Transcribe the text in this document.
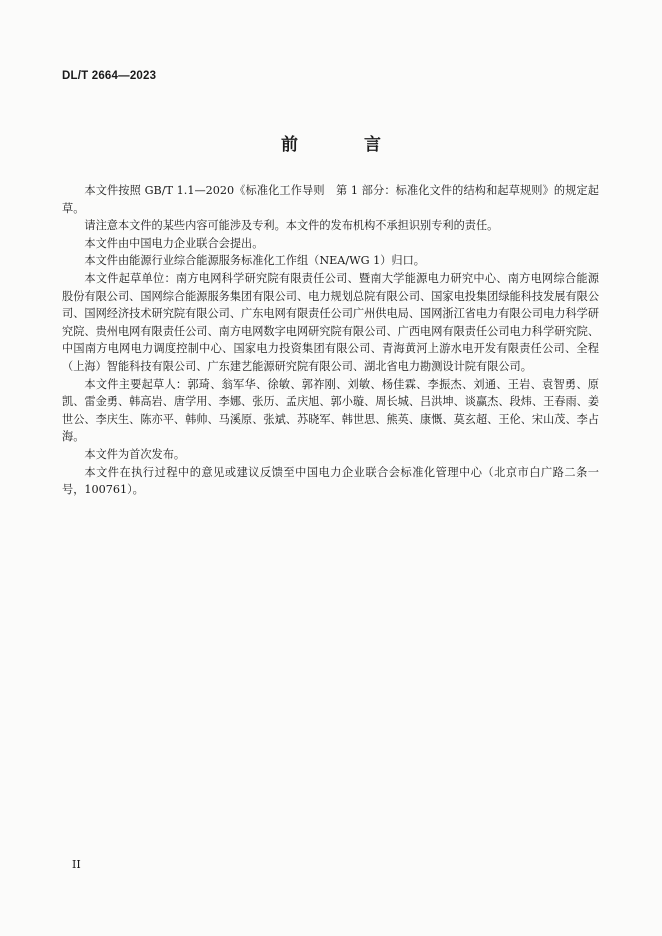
DL/T 2664—2023
前 言

本文件按照 GB/T 1.1—2020《标准化工作导则　第 1 部分：标准化文件的结构和起草规则》的规定起草。

请注意本文件的某些内容可能涉及专利。本文件的发布机构不承担识别专利的责任。

本文件由中国电力企业联合会提出。

本文件由能源行业综合能源服务标准化工作组（NEA/WG 1）归口。

本文件起草单位：南方电网科学研究院有限责任公司、暨南大学能源电力研究中心、南方电网综合能源股份有限公司、国网综合能源服务集团有限公司、电力规划总院有限公司、国家电投集团绿能科技发展有限公司、国网经济技术研究院有限公司、广东电网有限责任公司广州供电局、国网浙江省电力有限公司电力科学研究院、贵州电网有限责任公司、南方电网数字电网研究院有限公司、广西电网有限责任公司电力科学研究院、中国南方电网电力调度控制中心、国家电力投资集团有限公司、青海黄河上游水电开发有限责任公司、全程（上海）智能科技有限公司、广东建艺能源研究院有限公司、湖北省电力勘测设计院有限公司。

本文件主要起草人：郭琦、翁军华、徐敏、郭祚刚、刘敏、杨佳霖、李振杰、刘通、王岩、袁智勇、原凯、雷金勇、韩高岩、唐学用、李娜、张历、孟庆旭、郭小璇、周长城、吕洪坤、谈赢杰、段炜、王春雨、姜世公、李庆生、陈亦平、韩帅、马溪原、张斌、苏晓军、韩世思、熊英、康慨、莫玄超、王伦、宋山茂、李占海。

本文件为首次发布。

本文件在执行过程中的意见或建议反馈至中国电力企业联合会标准化管理中心（北京市白广路二条一号，100761）。

II
